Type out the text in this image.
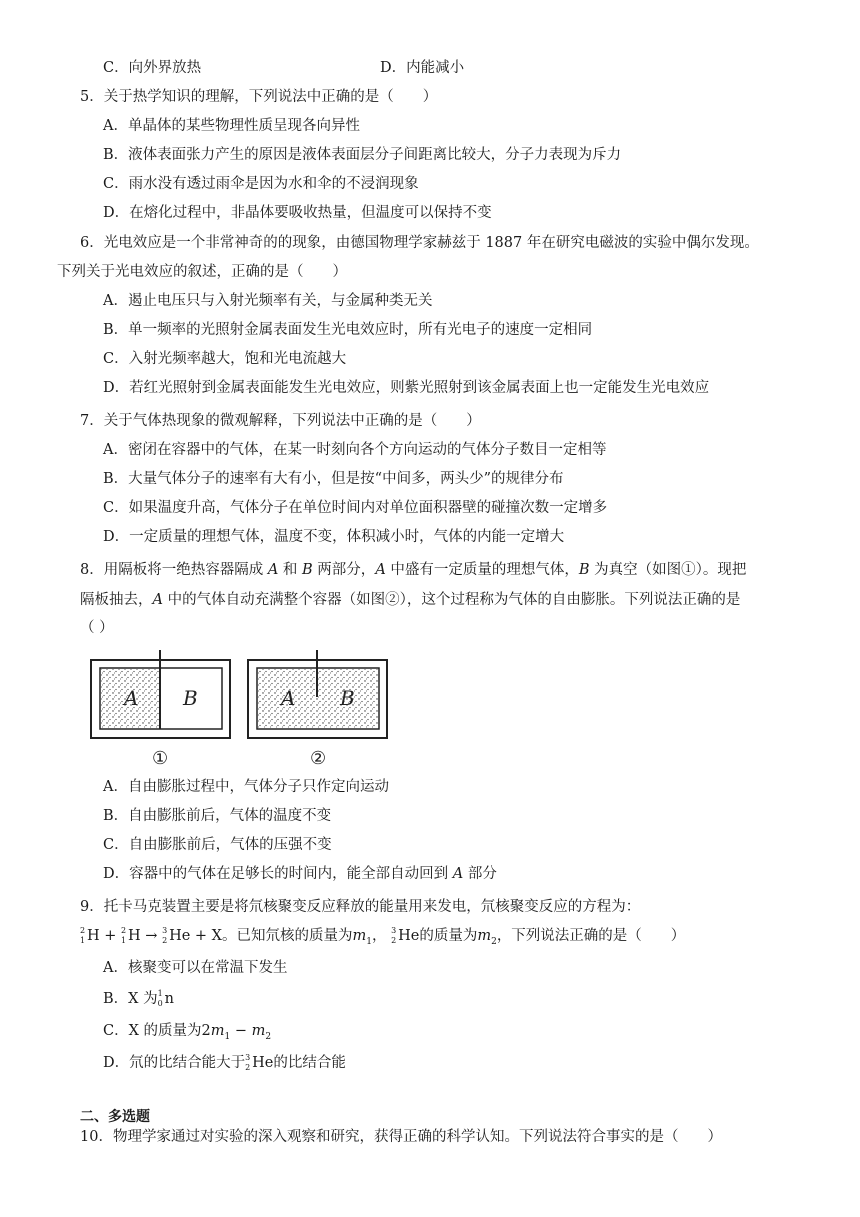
C．向外界放热	D．内能减小
5．关于热学知识的理解，下列说法中正确的是（　　）
A．单晶体的某些物理性质呈现各向异性
B．液体表面张力产生的原因是液体表面层分子间距离比较大，分子力表现为斥力
C．雨水没有透过雨伞是因为水和伞的不浸润现象
D．在熔化过程中，非晶体要吸收热量，但温度可以保持不变
6．光电效应是一个非常神奇的的现象，由德国物理学家赫兹于 1887 年在研究电磁波的实验中偶尔发现。
下列关于光电效应的叙述，正确的是（　　）
A．遏止电压只与入射光频率有关，与金属种类无关
B．单一频率的光照射金属表面发生光电效应时，所有光电子的速度一定相同
C．入射光频率越大，饱和光电流越大
D．若红光照射到金属表面能发生光电效应，则紫光照射到该金属表面上也一定能发生光电效应
7．关于气体热现象的微观解释，下列说法中正确的是（　　）
A．密闭在容器中的气体，在某一时刻向各个方向运动的气体分子数目一定相等
B．大量气体分子的速率有大有小，但是按“中间多，两头少”的规律分布
C．如果温度升高，气体分子在单位时间内对单位面积器壁的碰撞次数一定增多
D．一定质量的理想气体，温度不变，体积减小时，气体的内能一定增大
8．用隔板将一绝热容器隔成 A 和 B 两部分，A 中盛有一定质量的理想气体，B 为真空（如图①）。现把
隔板抽去，A 中的气体自动充满整个容器（如图②），这个过程称为气体的自由膨胀。下列说法正确的是
（ ）
A B
①
A B
②
A．自由膨胀过程中，气体分子只作定向运动
B．自由膨胀前后，气体的温度不变
C．自由膨胀前后，气体的压强不变
D．容器中的气体在足够长的时间内，能全部自动回到 A 部分
9．托卡马克装置主要是将氘核聚变反应释放的能量用来发电，氘核聚变反应的方程为：
2
1 H + 2
1 H → 3
2 He + X。已知氘核的质量为$m_1$， 3
2 He的质量为$m_2$，下列说法正确的是（　　）
A．核聚变可以在常温下发生
B．X 为 1
0 n
C．X 的质量为$2m_1 - m_2$
D．氘的比结合能大于 3
2 He的比结合能
二、多选题
10．物理学家通过对实验的深入观察和研究，获得正确的科学认知。下列说法符合事实的是（　　）
